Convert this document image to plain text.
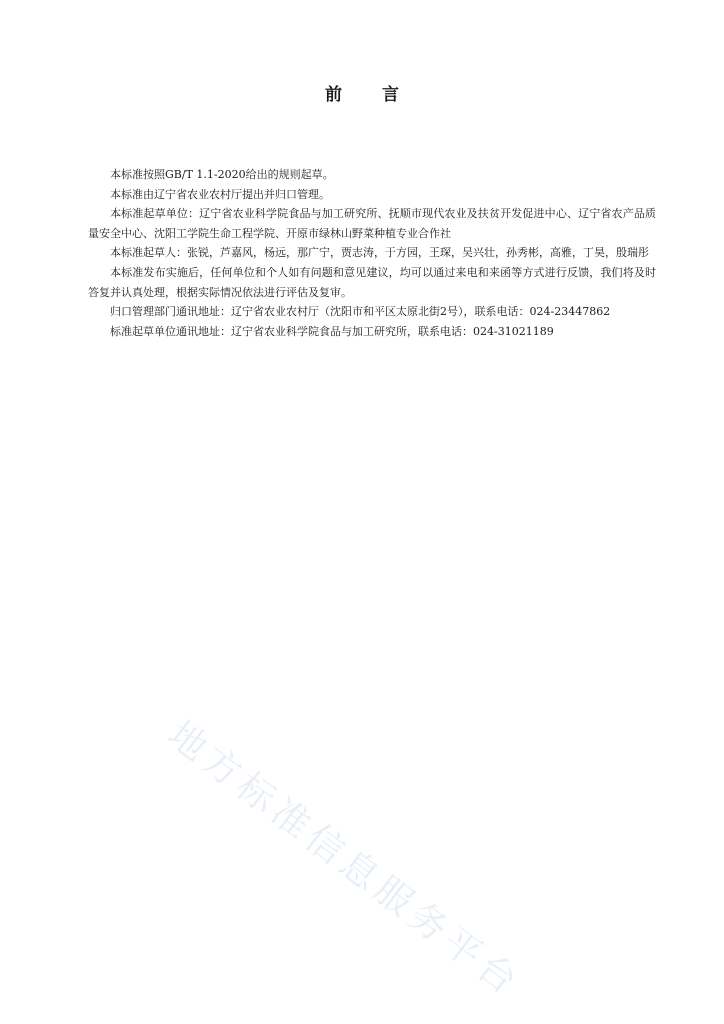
前 言

本标准按照GB/T 1.1-2020给出的规则起草。

本标准由辽宁省农业农村厅提出并归口管理。

本标准起草单位：辽宁省农业科学院食品与加工研究所、抚顺市现代农业及扶贫开发促进中心、辽宁省农产品质量安全中心、沈阳工学院生命工程学院、开原市绿林山野菜种植专业合作社

本标准起草人：张锐，芦嘉风，杨远，那广宁，贾志涛，于方园，王琛，吴兴壮，孙秀彬，高雅，丁昊，殷瑞彤

本标准发布实施后，任何单位和个人如有问题和意见建议，均可以通过来电和来函等方式进行反馈，我们将及时答复并认真处理，根据实际情况依法进行评估及复审。

归口管理部门通讯地址：辽宁省农业农村厅（沈阳市和平区太原北街2号），联系电话：024-23447862

标准起草单位通讯地址：辽宁省农业科学院食品与加工研究所，联系电话：024-31021189

地方标准信息服务平台
